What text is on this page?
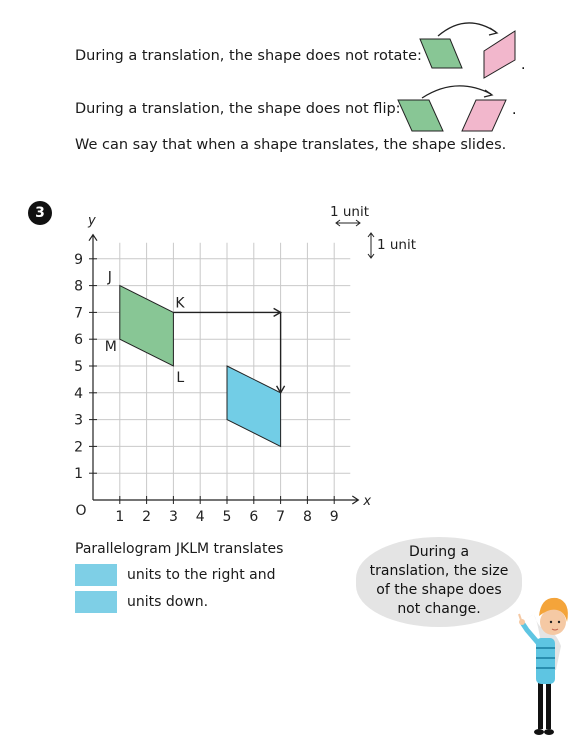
During a translation, the shape does not rotate:
.
During a translation, the shape does not flip:	.
We can say that when a shape translates, the shape slides.
3
x
y
1 2 3 4 5 6 7 8 9
1
2
3
4
5
6
7
8
9
O
J
K
L
M
1 unit
1 unit
Parallelogram JKLM translates
units to the right and
units down.
During a
translation, the size
of the shape does
not change.
